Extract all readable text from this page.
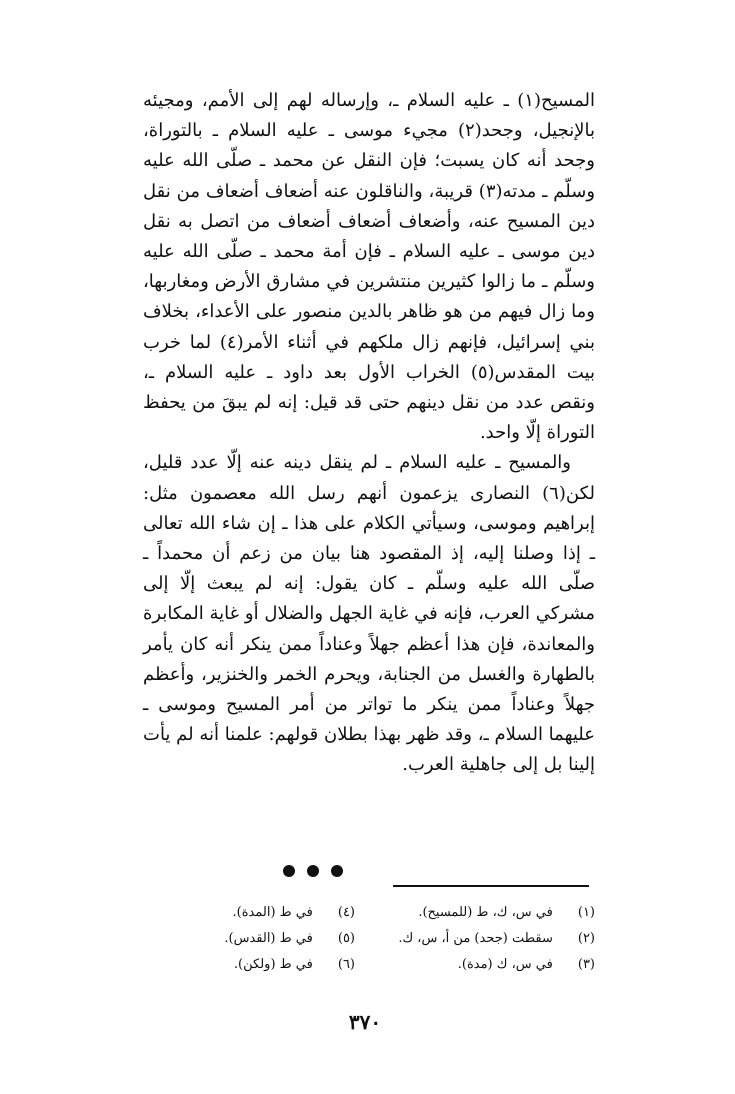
المسيح(١) ـ عليه السلام ـ، وإرساله لهم إلى الأمم، ومجيئه بالإنجيل، وجحد(٢) مجيء موسى ـ عليه السلام ـ بالتوراة، وجحد أنه كان يسبت؛ فإن النقل عن محمد ـ صلّى الله عليه وسلّم ـ مدته(٣) قريبة، والناقلون عنه أضعاف أضعاف من نقل دين المسيح عنه، وأضعاف أضعاف أضعاف من اتصل به نقل دين موسى ـ عليه السلام ـ فإن أمة محمد ـ صلّى الله عليه وسلّم ـ ما زالوا كثيرين منتشرين في مشارق الأرض ومغاربها، وما زال فيهم من هو ظاهر بالدين منصور على الأعداء، بخلاف بني إسرائيل، فإنهم زال ملكهم في أثناء الأمر(٤) لما خرب بيت المقدس(٥) الخراب الأول بعد داود ـ عليه السلام ـ، ونقص عدد من نقل دينهم حتى قد قيل: إنه لم يبقَ من يحفظ التوراة إلّا واحد.

والمسيح ـ عليه السلام ـ لم ينقل دينه عنه إلّا عدد قليل، لكن(٦) النصارى يزعمون أنهم رسل الله معصمون مثل: إبراهيم وموسى، وسيأتي الكلام على هذا ـ إن شاء الله تعالى ـ إذا وصلنا إليه، إذ المقصود هنا بيان من زعم أن محمداً ـ صلّى الله عليه وسلّم ـ كان يقول: إنه لم يبعث إلّا إلى مشركي العرب، فإنه في غاية الجهل والضلال أو غاية المكابرة والمعاندة، فإن هذا أعظم جهلاً وعناداً ممن ينكر أنه كان يأمر بالطهارة والغسل من الجنابة، ويحرم الخمر والخنزير، وأعظم جهلاً وعناداً ممن ينكر ما تواتر من أمر المسيح وموسى ـ عليهما السلام ـ، وقد ظهر بهذا بطلان قولهم: علمنا أنه لم يأت إلينا بل إلى جاهلية العرب.

(١) في س، ك، ط (للمسيح).
(٢) سقطت (جحد) من أ، س، ك.
(٣) في س، ك (مدة).
(٤) في ط (المدة).
(٥) في ط (القدس).
(٦) في ط (ولكن).
٣٧٠
